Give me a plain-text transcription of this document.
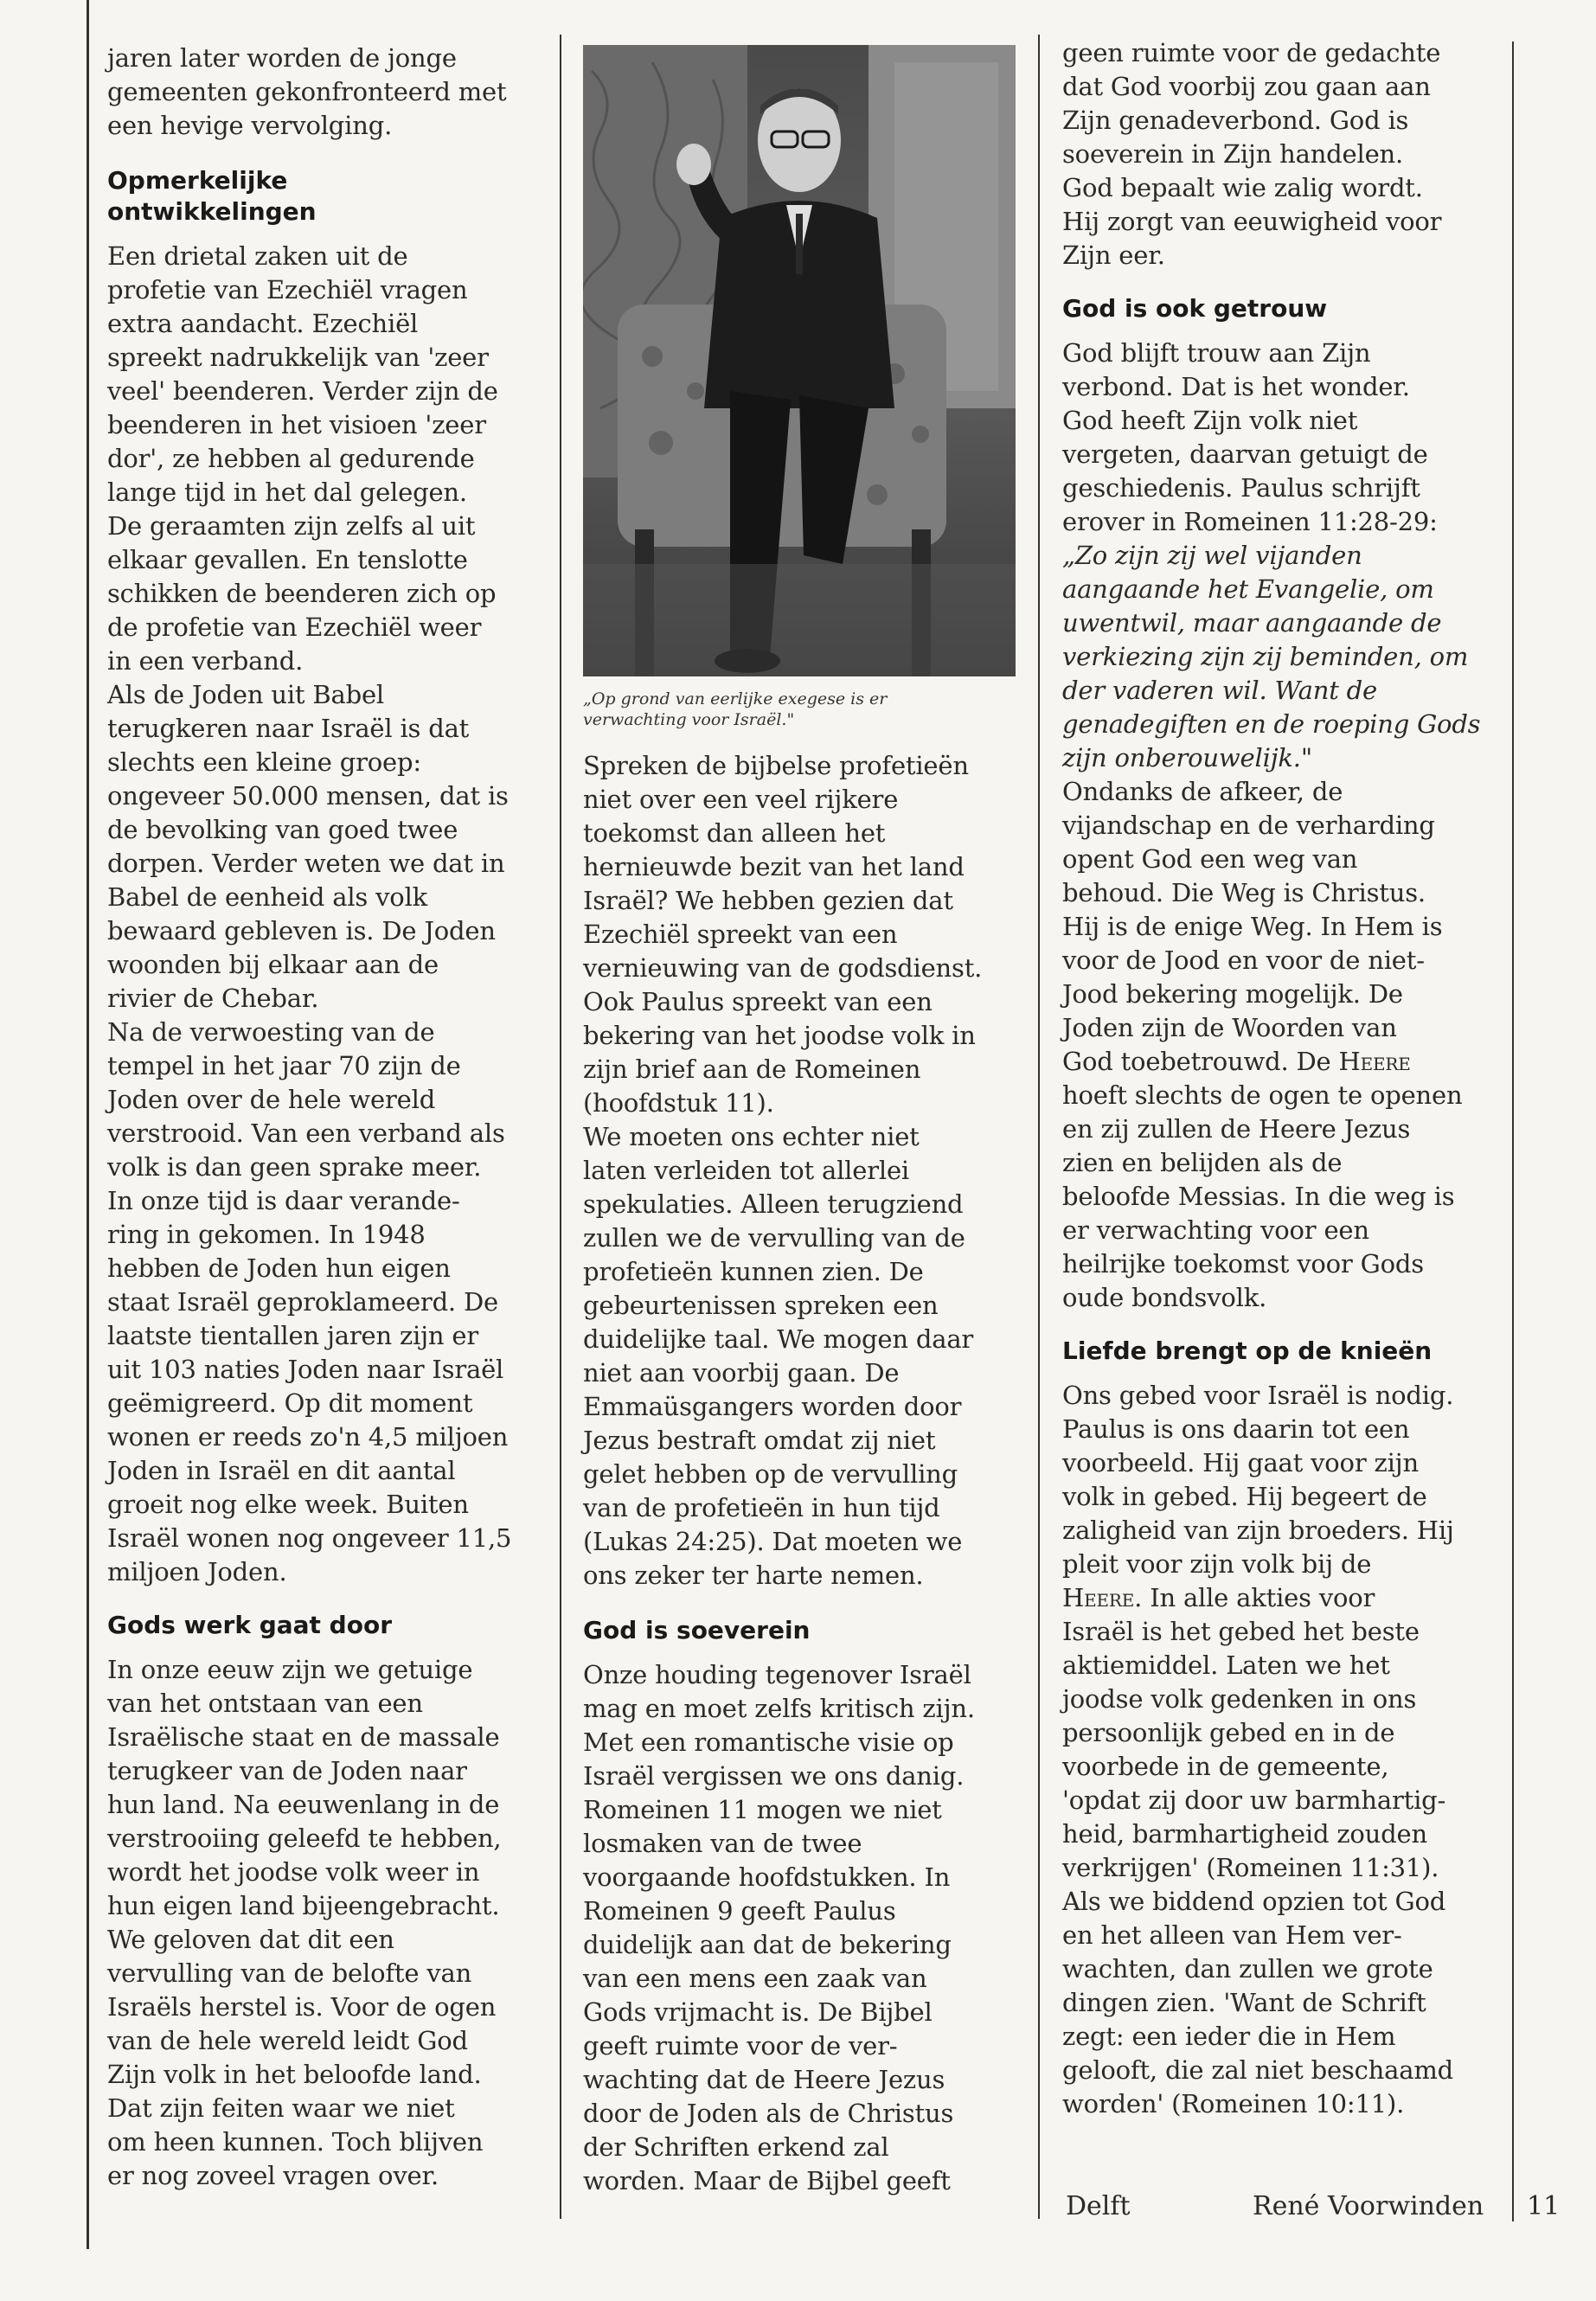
jaren later worden de jonge
gemeenten gekonfronteerd met
een hevige vervolging.

Opmerkelijke
ontwikkelingen

Een drietal zaken uit de
profetie van Ezechiël vragen
extra aandacht. Ezechiël
spreekt nadrukkelijk van 'zeer
veel' beenderen. Verder zijn de
beenderen in het visioen 'zeer
dor', ze hebben al gedurende
lange tijd in het dal gelegen.
De geraamten zijn zelfs al uit
elkaar gevallen. En tenslotte
schikken de beenderen zich op
de profetie van Ezechiël weer
in een verband.
Als de Joden uit Babel
terugkeren naar Israël is dat
slechts een kleine groep:
ongeveer 50.000 mensen, dat is
de bevolking van goed twee
dorpen. Verder weten we dat in
Babel de eenheid als volk
bewaard gebleven is. De Joden
woonden bij elkaar aan de
rivier de Chebar.
Na de verwoesting van de
tempel in het jaar 70 zijn de
Joden over de hele wereld
verstrooid. Van een verband als
volk is dan geen sprake meer.
In onze tijd is daar verande-
ring in gekomen. In 1948
hebben de Joden hun eigen
staat Israël geproklameerd. De
laatste tientallen jaren zijn er
uit 103 naties Joden naar Israël
geëmigreerd. Op dit moment
wonen er reeds zo'n 4,5 miljoen
Joden in Israël en dit aantal
groeit nog elke week. Buiten
Israël wonen nog ongeveer 11,5
miljoen Joden.

Gods werk gaat door

In onze eeuw zijn we getuige
van het ontstaan van een
Israëlische staat en de massale
terugkeer van de Joden naar
hun land. Na eeuwenlang in de
verstrooiing geleefd te hebben,
wordt het joodse volk weer in
hun eigen land bijeengebracht.
We geloven dat dit een
vervulling van de belofte van
Israëls herstel is. Voor de ogen
van de hele wereld leidt God
Zijn volk in het beloofde land.
Dat zijn feiten waar we niet
om heen kunnen. Toch blijven
er nog zoveel vragen over.

„Op grond van eerlijke exegese is er
verwachting voor Israël."

Spreken de bijbelse profetieën
niet over een veel rijkere
toekomst dan alleen het
hernieuwde bezit van het land
Israël? We hebben gezien dat
Ezechiël spreekt van een
vernieuwing van de godsdienst.
Ook Paulus spreekt van een
bekering van het joodse volk in
zijn brief aan de Romeinen
(hoofdstuk 11).
We moeten ons echter niet
laten verleiden tot allerlei
spekulaties. Alleen terugziend
zullen we de vervulling van de
profetieën kunnen zien. De
gebeurtenissen spreken een
duidelijke taal. We mogen daar
niet aan voorbij gaan. De
Emmaüsgangers worden door
Jezus bestraft omdat zij niet
gelet hebben op de vervulling
van de profetieën in hun tijd
(Lukas 24:25). Dat moeten we
ons zeker ter harte nemen.

God is soeverein

Onze houding tegenover Israël
mag en moet zelfs kritisch zijn.
Met een romantische visie op
Israël vergissen we ons danig.
Romeinen 11 mogen we niet
losmaken van de twee
voorgaande hoofdstukken. In
Romeinen 9 geeft Paulus
duidelijk aan dat de bekering
van een mens een zaak van
Gods vrijmacht is. De Bijbel
geeft ruimte voor de ver-
wachting dat de Heere Jezus
door de Joden als de Christus
der Schriften erkend zal
worden. Maar de Bijbel geeft

geen ruimte voor de gedachte
dat God voorbij zou gaan aan
Zijn genadeverbond. God is
soeverein in Zijn handelen.
God bepaalt wie zalig wordt.
Hij zorgt van eeuwigheid voor
Zijn eer.

God is ook getrouw

God blijft trouw aan Zijn
verbond. Dat is het wonder.
God heeft Zijn volk niet
vergeten, daarvan getuigt de
geschiedenis. Paulus schrijft
erover in Romeinen 11:28-29:

„Zo zijn zij wel vijanden
aangaande het Evangelie, om
uwentwil, maar aangaande de
verkiezing zijn zij beminden, om
der vaderen wil. Want de
genadegiften en de roeping Gods
zijn onberouwelijk."

Ondanks de afkeer, de
vijandschap en de verharding
opent God een weg van
behoud. Die Weg is Christus.
Hij is de enige Weg. In Hem is
voor de Jood en voor de niet-
Jood bekering mogelijk. De
Joden zijn de Woorden van
God toebetrouwd. De Heere
hoeft slechts de ogen te openen
en zij zullen de Heere Jezus
zien en belijden als de
beloofde Messias. In die weg is
er verwachting voor een
heilrijke toekomst voor Gods
oude bondsvolk.

Liefde brengt op de knieën

Ons gebed voor Israël is nodig.
Paulus is ons daarin tot een
voorbeeld. Hij gaat voor zijn
volk in gebed. Hij begeert de
zaligheid van zijn broeders. Hij
pleit voor zijn volk bij de
Heere. In alle akties voor
Israël is het gebed het beste
aktiemiddel. Laten we het
joodse volk gedenken in ons
persoonlijk gebed en in de
voorbede in de gemeente,
'opdat zij door uw barmhartig-
heid, barmhartigheid zouden
verkrijgen' (Romeinen 11:31).
Als we biddend opzien tot God
en het alleen van Hem ver-
wachten, dan zullen we grote
dingen zien. 'Want de Schrift
zegt: een ieder die in Hem
gelooft, die zal niet beschaamd
worden' (Romeinen 10:11).

Delft	René Voorwinden 11
